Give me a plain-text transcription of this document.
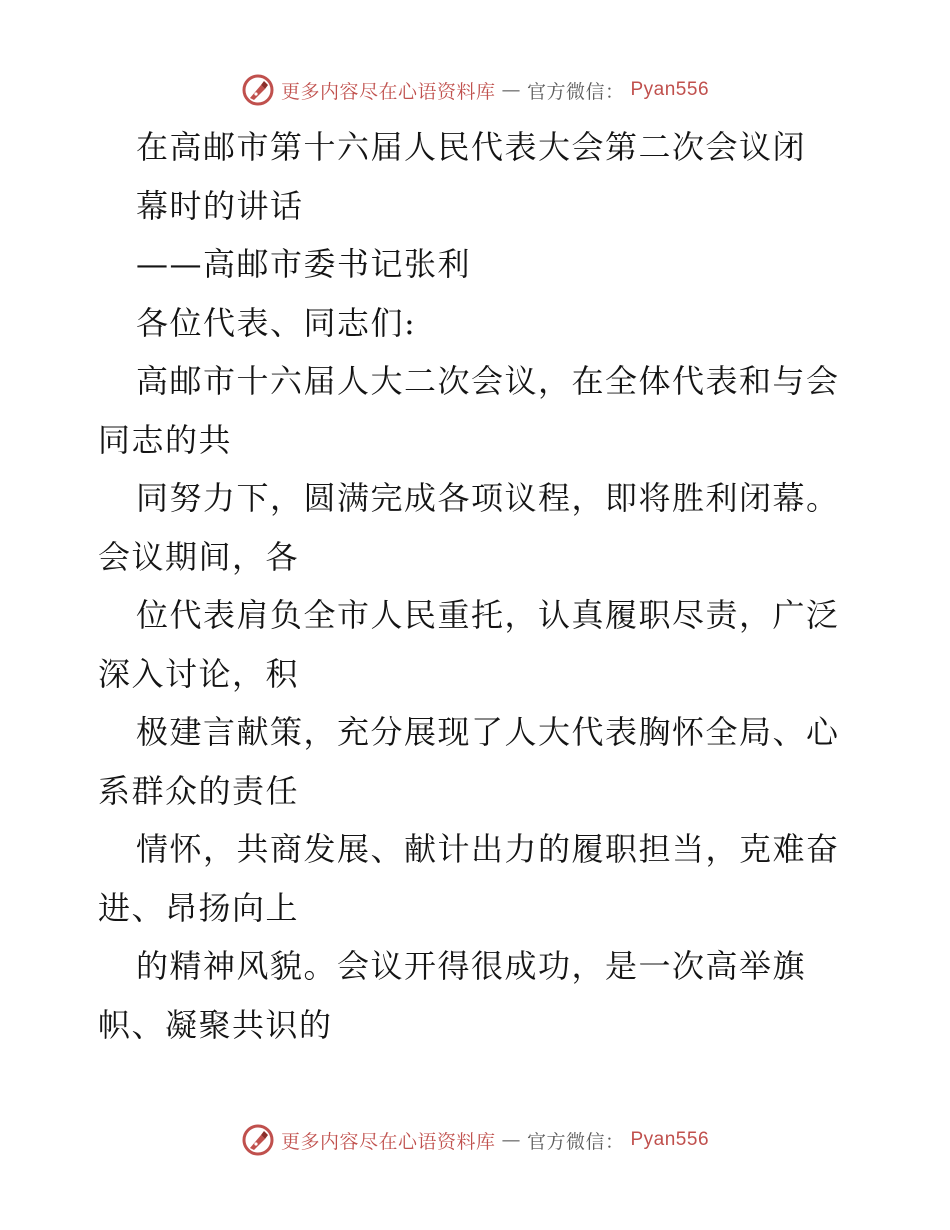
更多内容尽在心语资料库 — 官方微信： Pyan556

在高邮市第十六届人民代表大会第二次会议闭

幕时的讲话

——高邮市委书记张利

各位代表、同志们:

高邮市十六届人大二次会议，在全体代表和与会

同志的共

同努力下，圆满完成各项议程，即将胜利闭幕。

会议期间，各

位代表肩负全市人民重托，认真履职尽责，广泛

深入讨论，积

极建言献策，充分展现了人大代表胸怀全局、心

系群众的责任

情怀，共商发展、献计出力的履职担当，克难奋

进、昂扬向上

的精神风貌。会议开得很成功，是一次高举旗

帜、凝聚共识的

更多内容尽在心语资料库 — 官方微信： Pyan556
